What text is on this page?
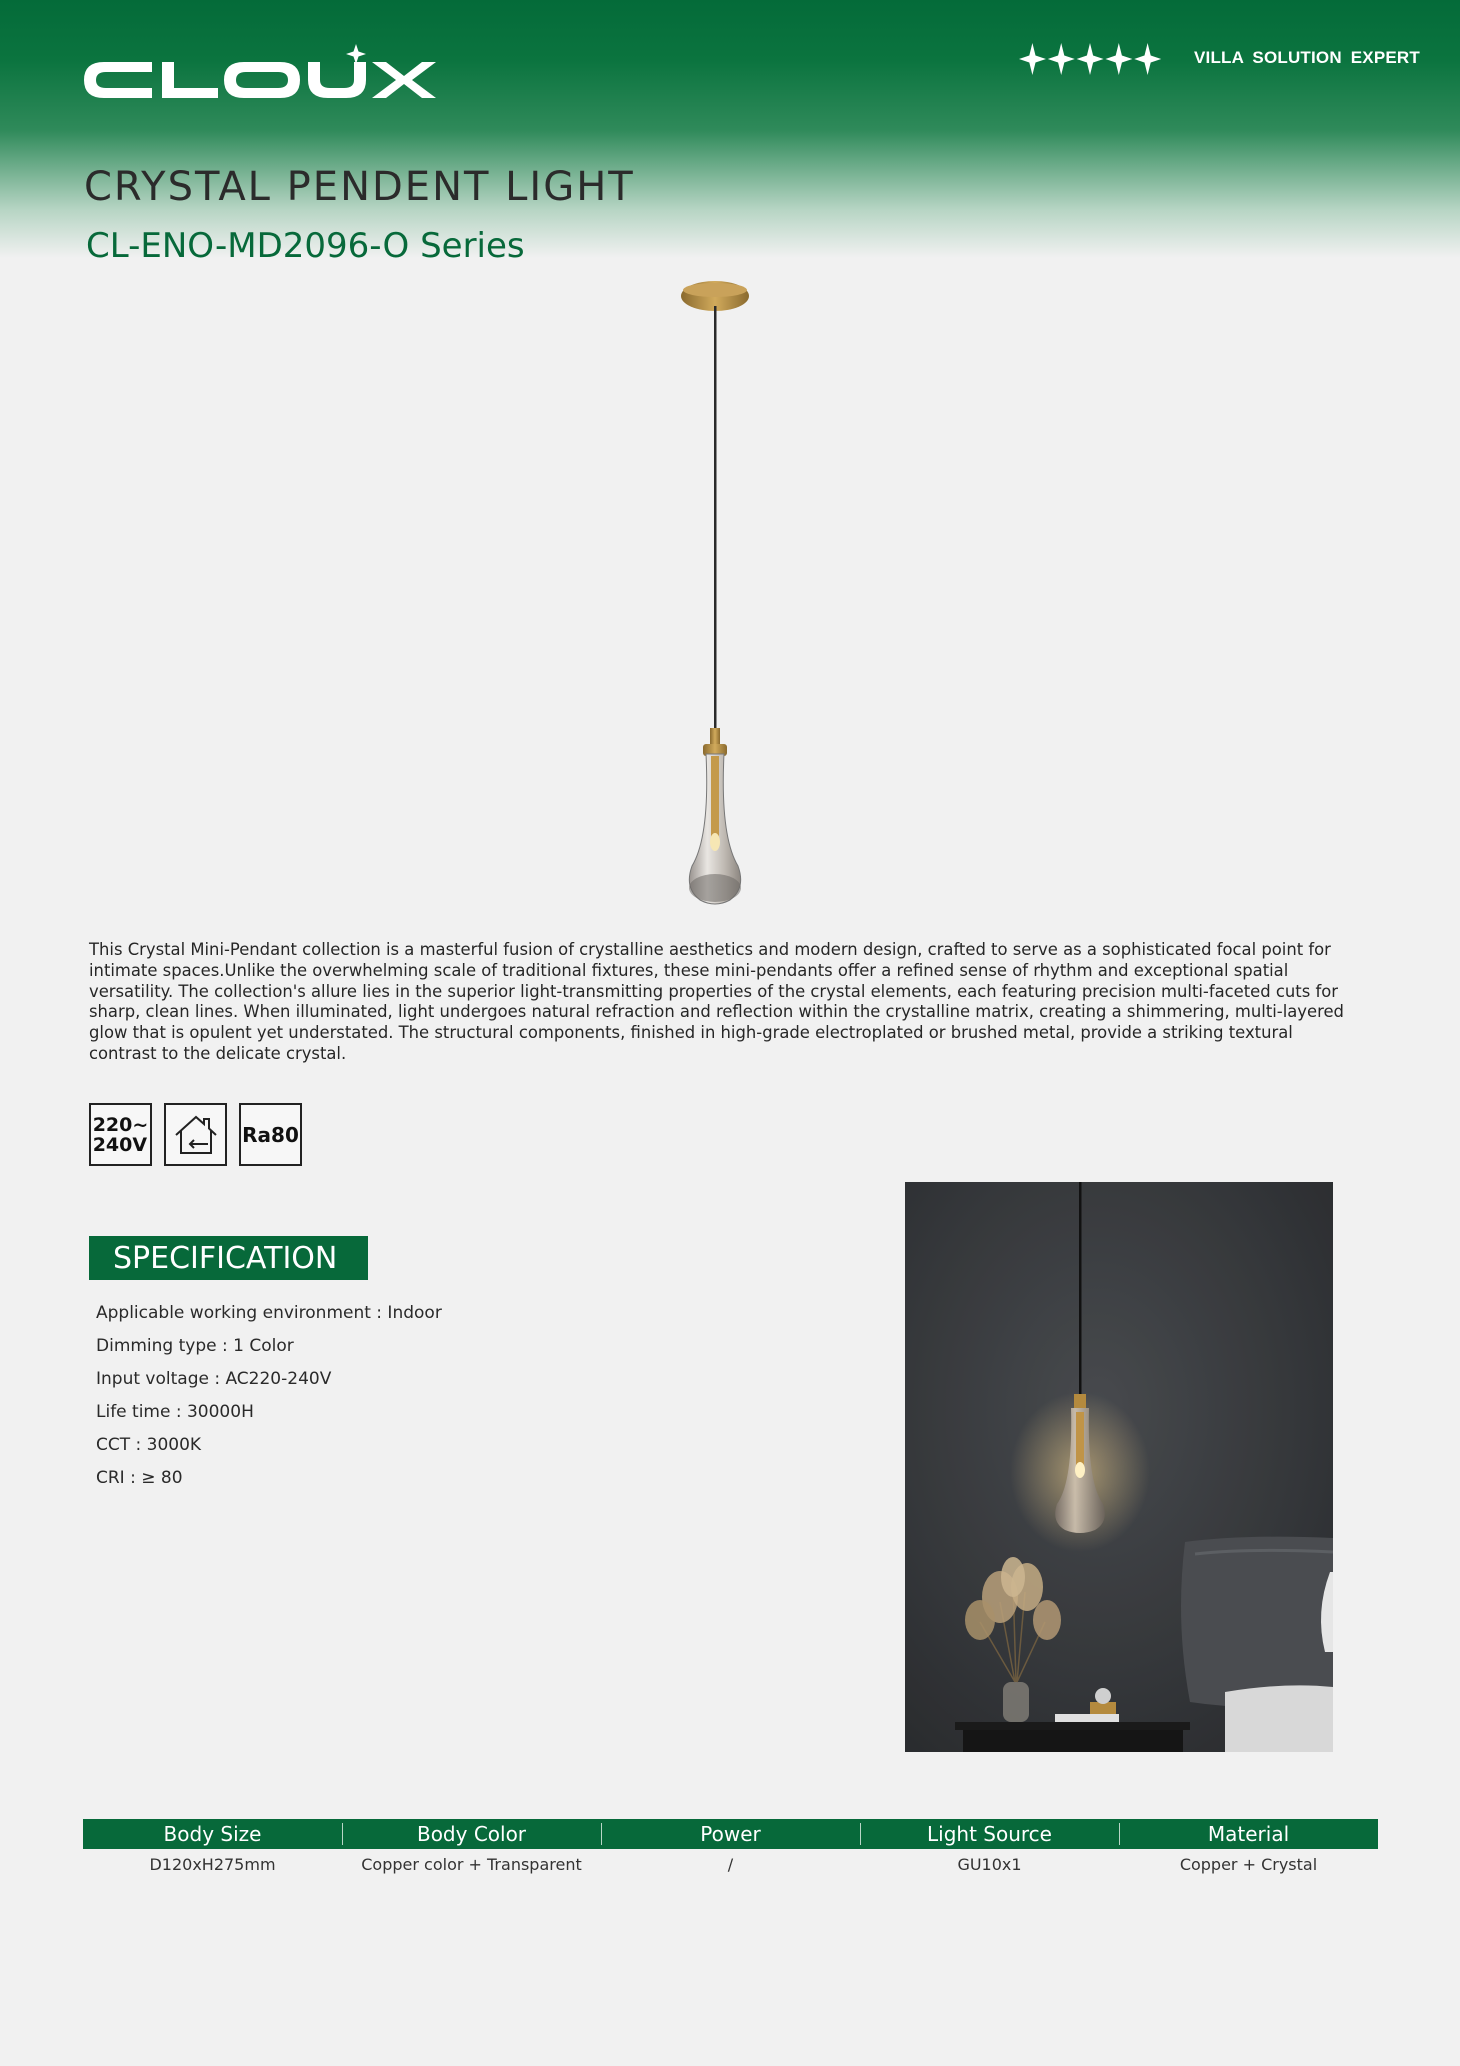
VILLA SOLUTION EXPERT
CRYSTAL PENDENT LIGHT
CL-ENO-MD2096-O Series

This Crystal Mini-Pendant collection is a masterful fusion of crystalline aesthetics and modern design, crafted to serve as a sophisticated focal point for intimate spaces.Unlike the overwhelming scale of traditional fixtures, these mini-pendants offer a refined sense of rhythm and exceptional spatial versatility. The collection's allure lies in the superior light-transmitting properties of the crystal elements, each featuring precision multi-faceted cuts for sharp, clean lines. When illuminated, light undergoes natural refraction and reflection within the crystalline matrix, creating a shimmering, multi-layered glow that is opulent yet understated. The structural components, finished in high-grade electroplated or brushed metal, provide a striking textural contrast to the delicate crystal.

220~
240V	Ra80
SPECIFICATION
Applicable working environment : Indoor
Dimming type : 1 Color
Input voltage : AC220-240V
Life time : 30000H
CCT : 3000K
CRI : ≥ 80
Body Size	Body Color	Power	Light Source	Material
D120xH275mm	Copper color + Transparent	/	GU10x1	Copper + Crystal
